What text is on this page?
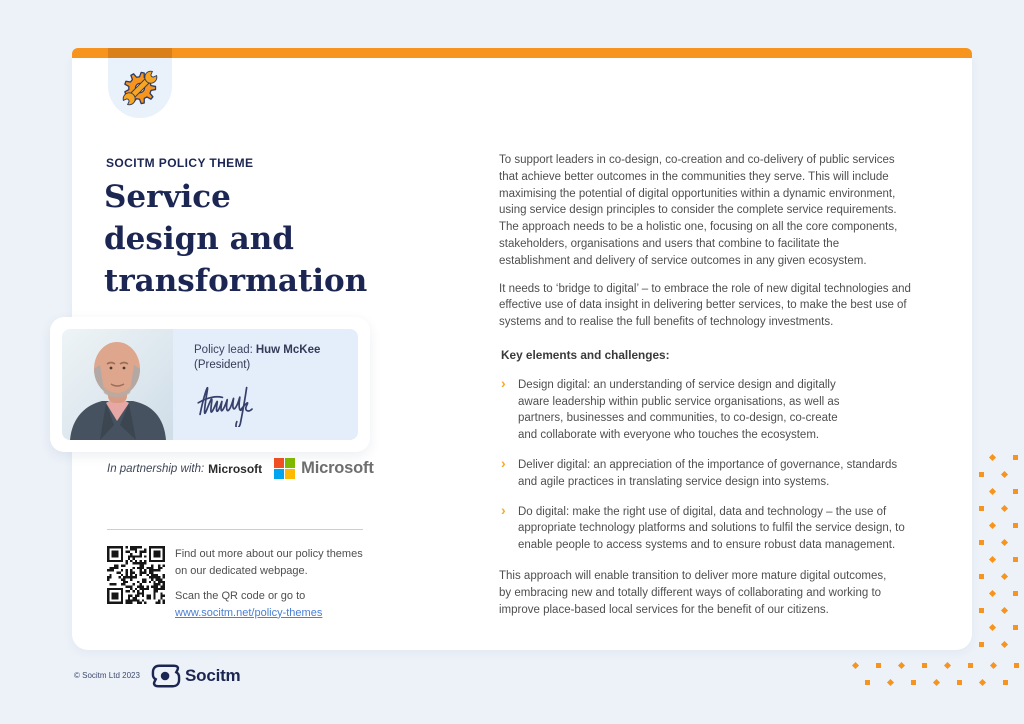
SOCITM POLICY THEME
Service
design and
transformation
Policy lead: Huw McKee
(President)
In partnership with: Microsoft Microsoft
Find out more about our policy themes on our dedicated webpage.
Scan the QR code or go to
www.socitm.net/policy-themes

To support leaders in co-design, co-creation and co-delivery of public services that achieve better outcomes in the communities they serve. This will include maximising the potential of digital opportunities within a dynamic environment, using service design principles to consider the complete service requirements. The approach needs to be a holistic one, focusing on all the core components, stakeholders, organisations and users that combine to facilitate the establishment and delivery of service outcomes in any given ecosystem.

It needs to ‘bridge to digital’ – to embrace the role of new digital technologies and effective use of data insight in delivering better services, to make the best use of systems and to realise the full benefits of technology investments.

Key elements and challenges:
› Design digital: an understanding of service design and digitally aware leadership within public service organisations, as well as partners, businesses and communities, to co-design, co-create and collaborate with everyone who touches the ecosystem.
› Deliver digital: an appreciation of the importance of governance, standards and agile practices in translating service design into systems.
› Do digital: make the right use of digital, data and technology – the use of appropriate technology platforms and solutions to fulfil the service design, to enable people to access systems and to ensure robust data management.

This approach will enable transition to deliver more mature digital outcomes, by embracing new and totally different ways of collaborating and working to improve place-based local services for the benefit of our citizens.

© Socitm Ltd 2023	Socitm
